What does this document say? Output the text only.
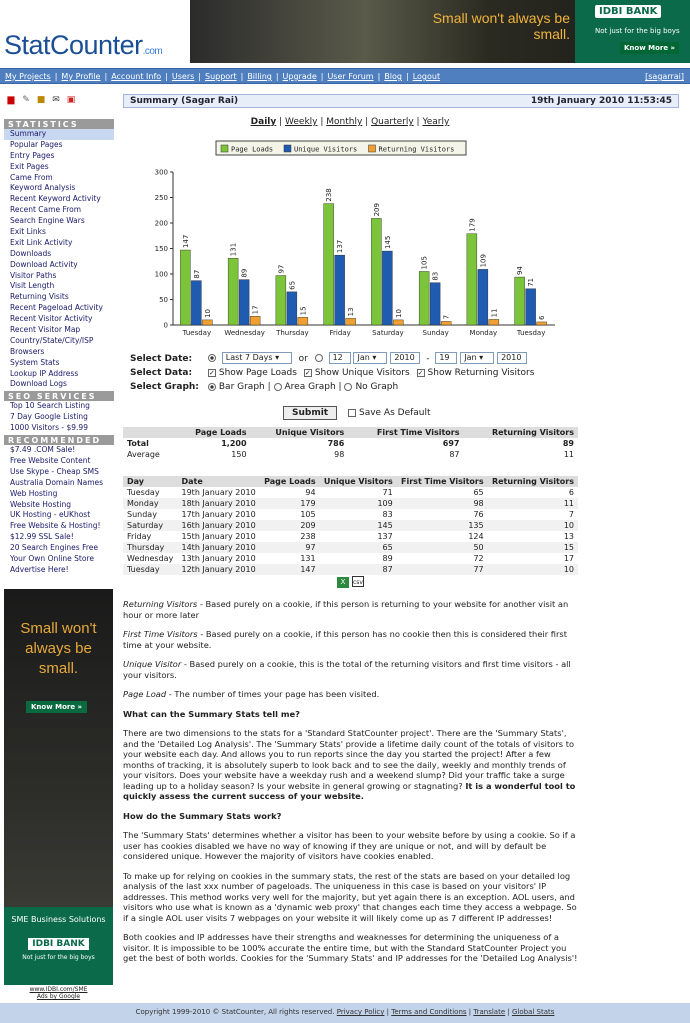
StatCounter.com
Small won't always be small.
IDBI BANK
Not just for the big boys
Know More »
My Projects | My Profile | Account Info | Users | Support | Billing | Upgrade | User Forum | Blog | Logout	[sagarrai]
▆ ✎ ■ ✉ ▣
STATISTICS
Summary
Popular Pages
Entry Pages
Exit Pages
Came From
Keyword Analysis
Recent Keyword Activity
Recent Came From
Search Engine Wars
Exit Links
Exit Link Activity
Downloads
Download Activity
Visitor Paths
Visit Length
Returning Visits
Recent Pageload Activity
Recent Visitor Activity
Recent Visitor Map
Country/State/City/ISP
Browsers
System Stats
Lookup IP Address
Download Logs
SEO SERVICES
Top 10 Search Listing
7 Day Google Listing
1000 Visitors - $9.99
RECOMMENDED
$7.49 .COM Sale!
Free Website Content
Use Skype - Cheap SMS
Australia Domain Names
Web Hosting
Website Hosting
UK Hosting - eUKhost
Free Website & Hosting!
$12.99 SSL Sale!
20 Search Engines Free
Your Own Online Store
Advertise Here!
Small won't always be small.
Know More »
SME Business Solutions
IDBI BANK
Not just for the big boys
www.IDBI.com/SME
Ads by Google
Summary (Sagar Rai)	19th January 2010 11:53:45
Daily | Weekly | Monthly | Quarterly | Yearly
Page Loads	Unique Visitors	Returning Visitors
0
50
100
150
200
250
300
147
87
10
Tuesday
131
89
17
Wednesday
97
65
15
Thursday
238
137
13
Friday
209
145
10
Saturday
105
83
7
Sunday
179
109
11
Monday
94
71
6
Tuesday
Select Date:	Last 7 Days ▾ or	12 Jan ▾ 2010 - 19 Jan ▾ 2010
Select Data: ✓ Show Page Loads ✓ Show Unique Visitors ✓ Show Returning Visitors
Select Graph: Bar Graph | Area Graph | No Graph
Submit	Save As Default
	Page Loads	Unique Visitors	First Time Visitors	Returning Visitors
Total	1,200	786	697	89
Average	150	98	87	11
Day	Date	Page Loads	Unique Visitors	First Time Visitors	Returning Visitors
Tuesday	19th January 2010	94	71	65	6
Monday	18th January 2010	179	109	98	11
Sunday	17th January 2010	105	83	76	7
Saturday	16th January 2010	209	145	135	10
Friday	15th January 2010	238	137	124	13
Thursday	14th January 2010	97	65	50	15
Wednesday	13th January 2010	131	89	72	17
Tuesday	12th January 2010	147	87	77	10
X csv

Returning Visitors - Based purely on a cookie, if this person is returning to your website for another visit an hour or more later

First Time Visitors - Based purely on a cookie, if this person has no cookie then this is considered their first time at your website.

Unique Visitor - Based purely on a cookie, this is the total of the returning visitors and first time visitors - all your visitors.

Page Load - The number of times your page has been visited.

What can the Summary Stats tell me?

There are two dimensions to the stats for a 'Standard StatCounter project'. There are the 'Summary Stats', and the 'Detailed Log Analysis'. The 'Summary Stats' provide a lifetime daily count of the totals of visitors to your website each day. And allows you to run reports since the day you started the project! After a few months of tracking, it is absolutely superb to look back and to see the daily, weekly and monthly trends of your visitors. Does your website have a weekday rush and a weekend slump? Did your traffic take a surge leading up to a holiday season? Is your website in general growing or stagnating? It is a wonderful tool to quickly assess the current success of your website.

How do the Summary Stats work?

The 'Summary Stats' determines whether a visitor has been to your website before by using a cookie. So if a user has cookies disabled we have no way of knowing if they are unique or not, and will by default be considered unique. However the majority of visitors have cookies enabled.

To make up for relying on cookies in the summary stats, the rest of the stats are based on your detailed log analysis of the last xxx number of pageloads. The uniqueness in this case is based on your visitors' IP addresses. This method works very well for the majority, but yet again there is an exception. AOL users, and visitors who use what is known as a 'dynamic web proxy' that changes each time they access a webpage. So if a single AOL user visits 7 webpages on your website it will likely come up as 7 different IP addresses!

Both cookies and IP addresses have their strengths and weaknesses for determining the uniqueness of a visitor. It is impossible to be 100% accurate the entire time, but with the Standard StatCounter Project you get the best of both worlds. Cookies for the 'Summary Stats' and IP addresses for the 'Detailed Log Analysis'!

Copyright 1999-2010 © StatCounter, All rights reserved. Privacy Policy | Terms and Conditions | Translate | Global Stats
